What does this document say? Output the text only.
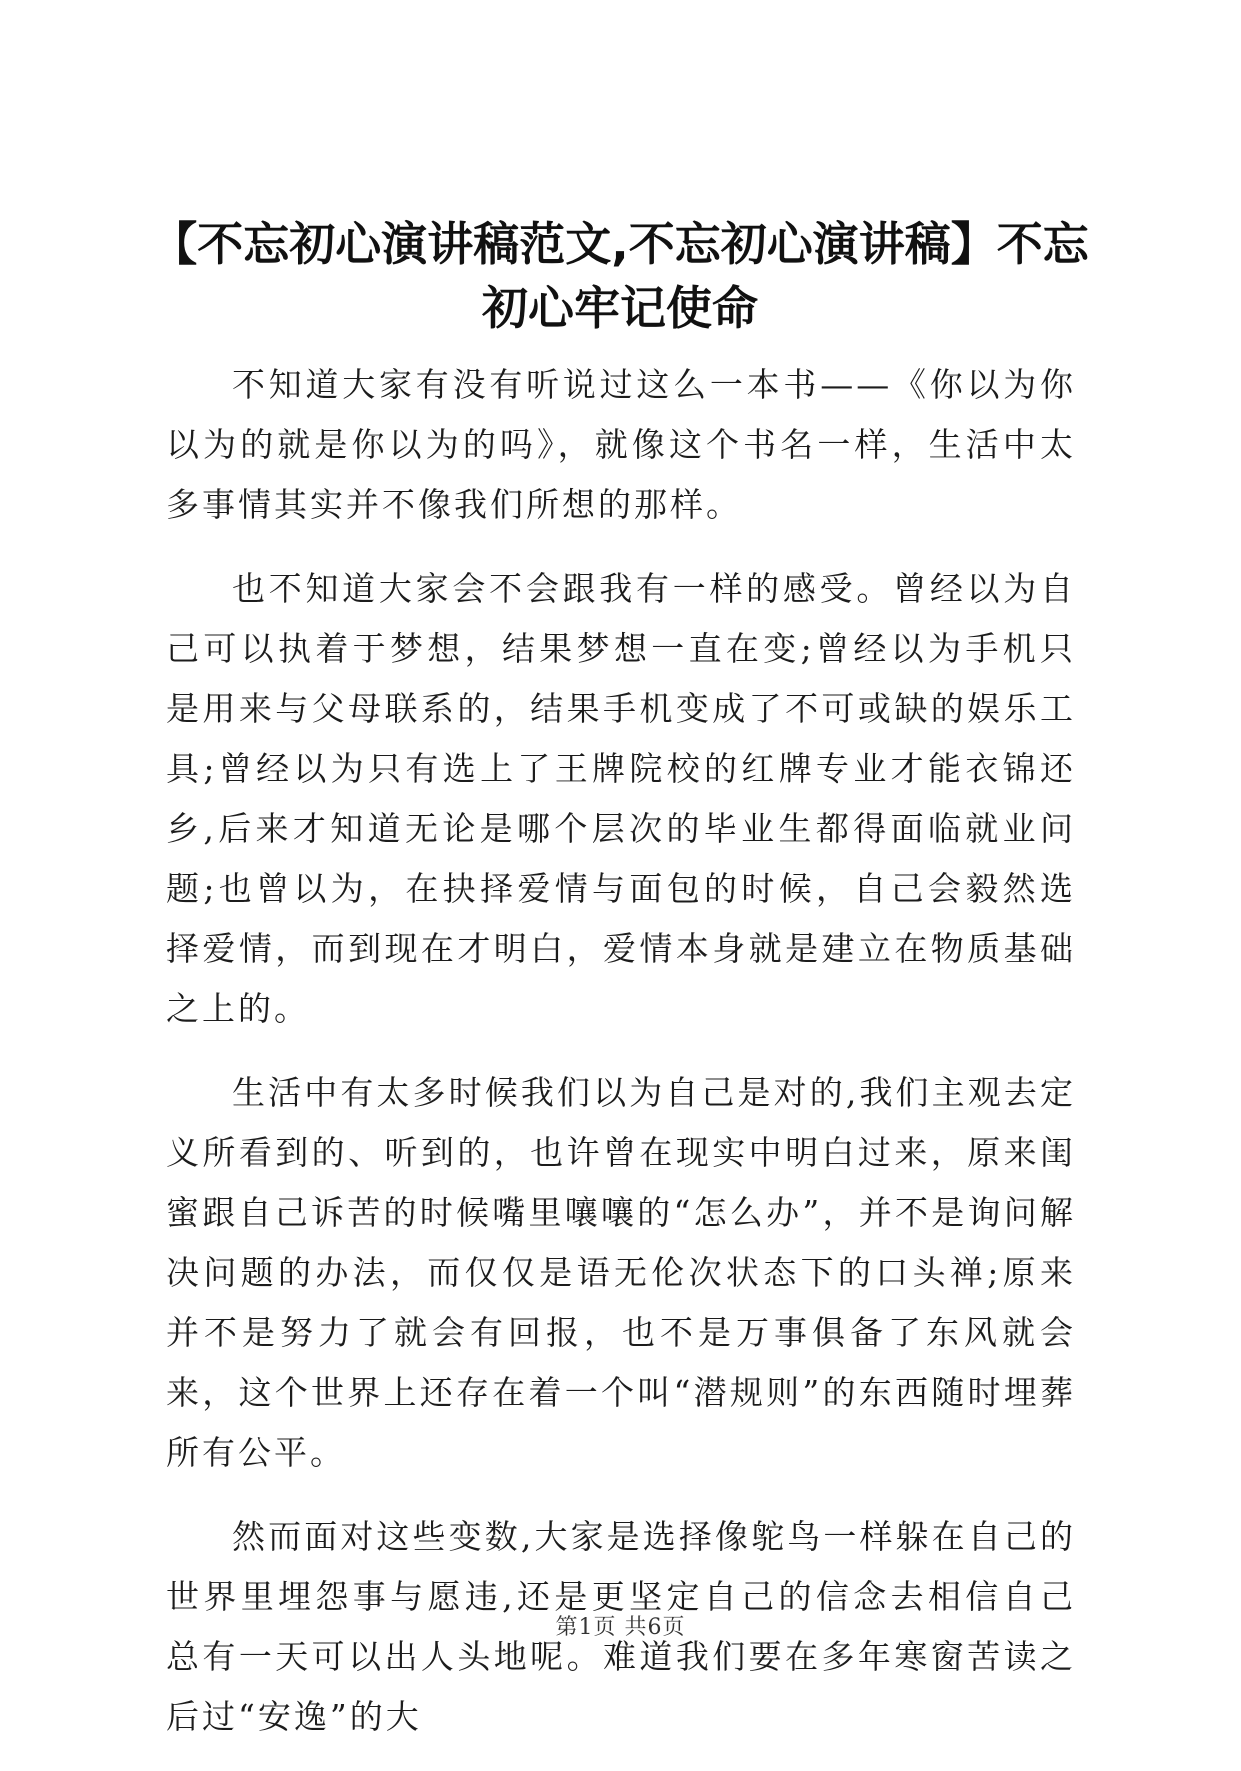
【不忘初心演讲稿范文,不忘初心演讲稿】不忘初心牢记使命

不知道大家有没有听说过这么一本书——《你以为你以为的就是你以为的吗》，就像这个书名一样，生活中太多事情其实并不像我们所想的那样。

也不知道大家会不会跟我有一样的感受。曾经以为自己可以执着于梦想，结果梦想一直在变;曾经以为手机只是用来与父母联系的，结果手机变成了不可或缺的娱乐工具;曾经以为只有选上了王牌院校的红牌专业才能衣锦还乡,后来才知道无论是哪个层次的毕业生都得面临就业问题;也曾以为，在抉择爱情与面包的时候，自己会毅然选择爱情，而到现在才明白，爱情本身就是建立在物质基础之上的。

生活中有太多时候我们以为自己是对的,我们主观去定义所看到的、听到的，也许曾在现实中明白过来，原来闺蜜跟自己诉苦的时候嘴里嚷嚷的“怎么办”，并不是询问解决问题的办法，而仅仅是语无伦次状态下的口头禅;原来并不是努力了就会有回报，也不是万事俱备了东风就会来，这个世界上还存在着一个叫“潜规则”的东西随时埋葬所有公平。

然而面对这些变数,大家是选择像鸵鸟一样躲在自己的世界里埋怨事与愿违,还是更坚定自己的信念去相信自己总有一天可以出人头地呢。难道我们要在多年寒窗苦读之后过“安逸”的大

第1页 共6页
